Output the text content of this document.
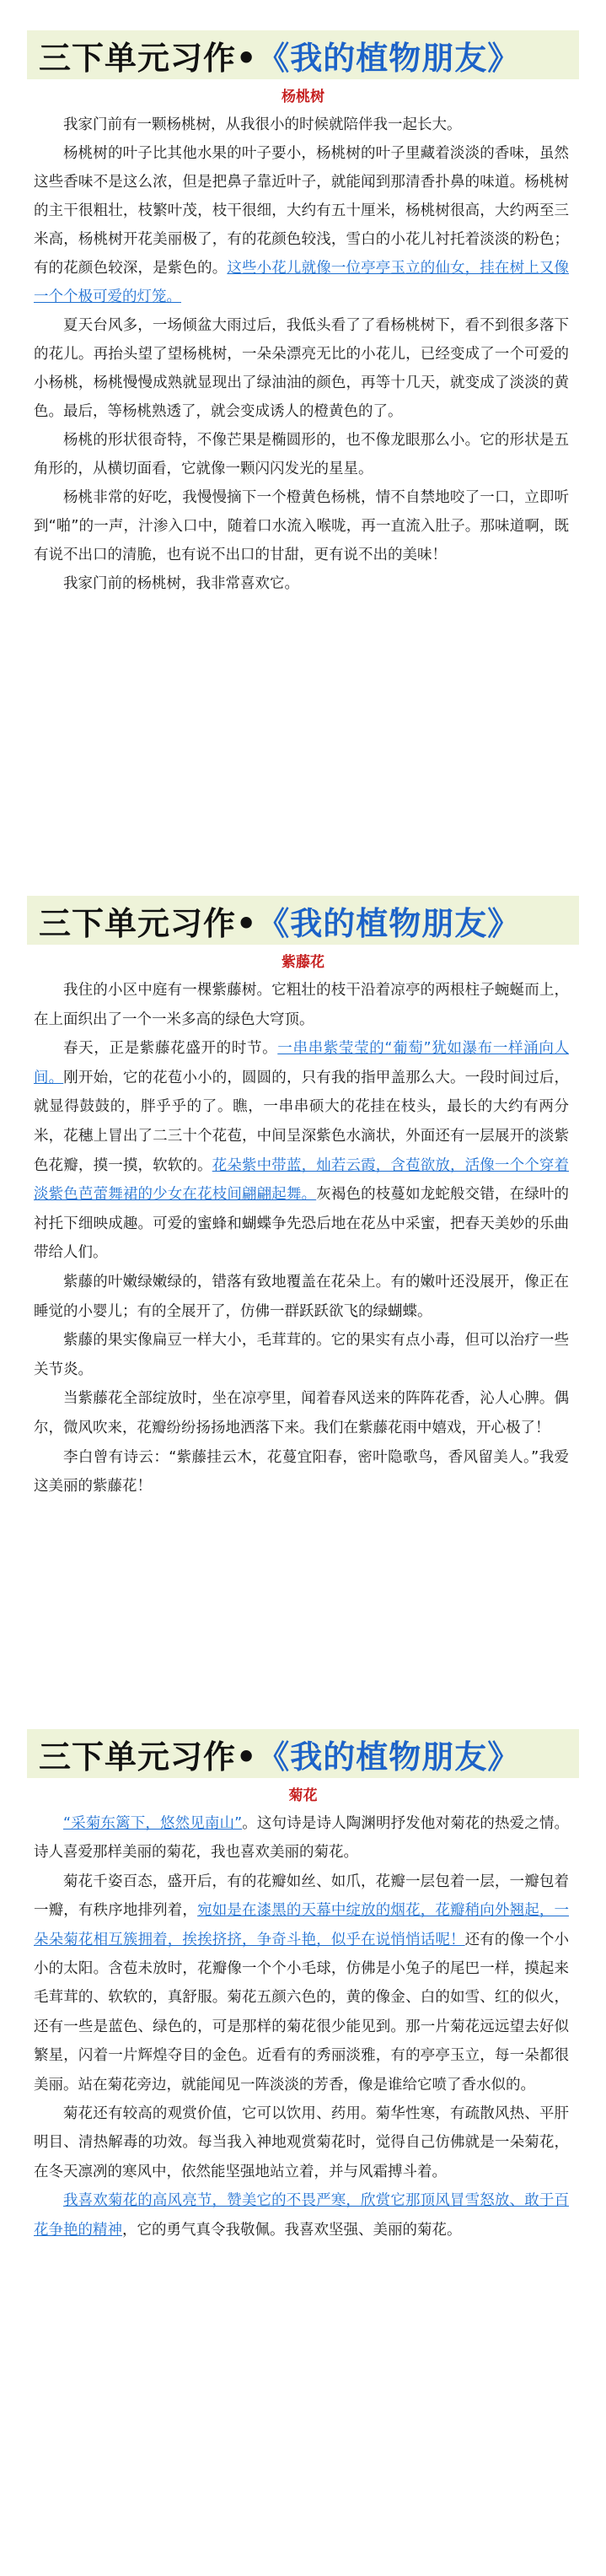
三下单元习作• 《我的植物朋友》
杨桃树

我家门前有一颗杨桃树，从我很小的时候就陪伴我一起长大。

杨桃树的叶子比其他水果的叶子要小，杨桃树的叶子里藏着淡淡的香味，虽然这些香味不是这么浓，但是把鼻子靠近叶子，就能闻到那清香扑鼻的味道。杨桃树的主干很粗壮，枝繁叶茂，枝干很细，大约有五十厘米，杨桃树很高，大约两至三米高，杨桃树开花美丽极了，有的花颜色较浅，雪白的小花儿衬托着淡淡的粉色；有的花颜色较深，是紫色的。这些小花儿就像一位亭亭玉立的仙女，挂在树上又像一个个极可爱的灯笼。

夏天台风多，一场倾盆大雨过后，我低头看了了看杨桃树下，看不到很多落下的花儿。再抬头望了望杨桃树，一朵朵漂亮无比的小花儿，已经变成了一个可爱的小杨桃，杨桃慢慢成熟就显现出了绿油油的颜色，再等十几天，就变成了淡淡的黄色。最后，等杨桃熟透了，就会变成诱人的橙黄色的了。

杨桃的形状很奇特，不像芒果是椭圆形的，也不像龙眼那么小。它的形状是五角形的，从横切面看，它就像一颗闪闪发光的星星。

杨桃非常的好吃，我慢慢摘下一个橙黄色杨桃，情不自禁地咬了一口，立即听到“啪”的一声，汁渗入口中，随着口水流入喉咙，再一直流入肚子。那味道啊，既有说不出口的清脆，也有说不出口的甘甜，更有说不出的美味！

我家门前的杨桃树，我非常喜欢它。

三下单元习作• 《我的植物朋友》
紫藤花

我住的小区中庭有一棵紫藤树。它粗壮的枝干沿着凉亭的两根柱子蜿蜒而上，在上面织出了一个一米多高的绿色大穹顶。

春天，正是紫藤花盛开的时节。一串串紫莹莹的“葡萄”犹如瀑布一样涌向人间。刚开始，它的花苞小小的，圆圆的，只有我的指甲盖那么大。一段时间过后，就显得鼓鼓的，胖乎乎的了。瞧，一串串硕大的花挂在枝头，最长的大约有两分米，花穗上冒出了二三十个花苞，中间呈深紫色水滴状，外面还有一层展开的淡紫色花瓣，摸一摸，软软的。花朵紫中带蓝，灿若云霞，含苞欲放，活像一个个穿着淡紫色芭蕾舞裙的少女在花枝间翩翩起舞。灰褐色的枝蔓如龙蛇般交错，在绿叶的衬托下细映成趣。可爱的蜜蜂和蝴蝶争先恐后地在花丛中采蜜，把春天美妙的乐曲带给人们。

紫藤的叶嫩绿嫩绿的，错落有致地覆盖在花朵上。有的嫩叶还没展开，像正在睡觉的小婴儿；有的全展开了，仿佛一群跃跃欲飞的绿蝴蝶。

紫藤的果实像扁豆一样大小，毛茸茸的。它的果实有点小毒，但可以治疗一些关节炎。

当紫藤花全部绽放时，坐在凉亭里，闻着春风送来的阵阵花香，沁人心脾。偶尔，微风吹来，花瓣纷纷扬扬地洒落下来。我们在紫藤花雨中嬉戏，开心极了！

李白曾有诗云：“紫藤挂云木，花蔓宜阳春，密叶隐歌鸟，香风留美人。”我爱这美丽的紫藤花！

三下单元习作• 《我的植物朋友》
菊花

“采菊东篱下，悠然见南山”。这句诗是诗人陶渊明抒发他对菊花的热爱之情。诗人喜爱那样美丽的菊花，我也喜欢美丽的菊花。

菊花千姿百态，盛开后，有的花瓣如丝、如爪，花瓣一层包着一层，一瓣包着一瓣，有秩序地排列着，宛如是在漆黑的天幕中绽放的烟花，花瓣稍向外翘起，一朵朵菊花相互簇拥着，挨挨挤挤，争奇斗艳，似乎在说悄悄话呢！还有的像一个小小的太阳。含苞未放时，花瓣像一个个小毛球，仿佛是小兔子的尾巴一样，摸起来毛茸茸的、软软的，真舒服。菊花五颜六色的，黄的像金、白的如雪、红的似火，还有一些是蓝色、绿色的，可是那样的菊花很少能见到。那一片菊花远远望去好似繁星，闪着一片辉煌夺目的金色。近看有的秀丽淡雅，有的亭亭玉立，每一朵都很美丽。站在菊花旁边，就能闻见一阵淡淡的芳香，像是谁给它喷了香水似的。

菊花还有较高的观赏价值，它可以饮用、药用。菊华性寒，有疏散风热、平肝明目、清热解毒的功效。每当我入神地观赏菊花时，觉得自己仿佛就是一朵菊花，在冬天凛冽的寒风中，依然能坚强地站立着，并与风霜搏斗着。

我喜欢菊花的高风亮节，赞美它的不畏严寒，欣赏它那顶风冒雪怒放、敢于百花争艳的精神，它的勇气真令我敬佩。我喜欢坚强、美丽的菊花。
